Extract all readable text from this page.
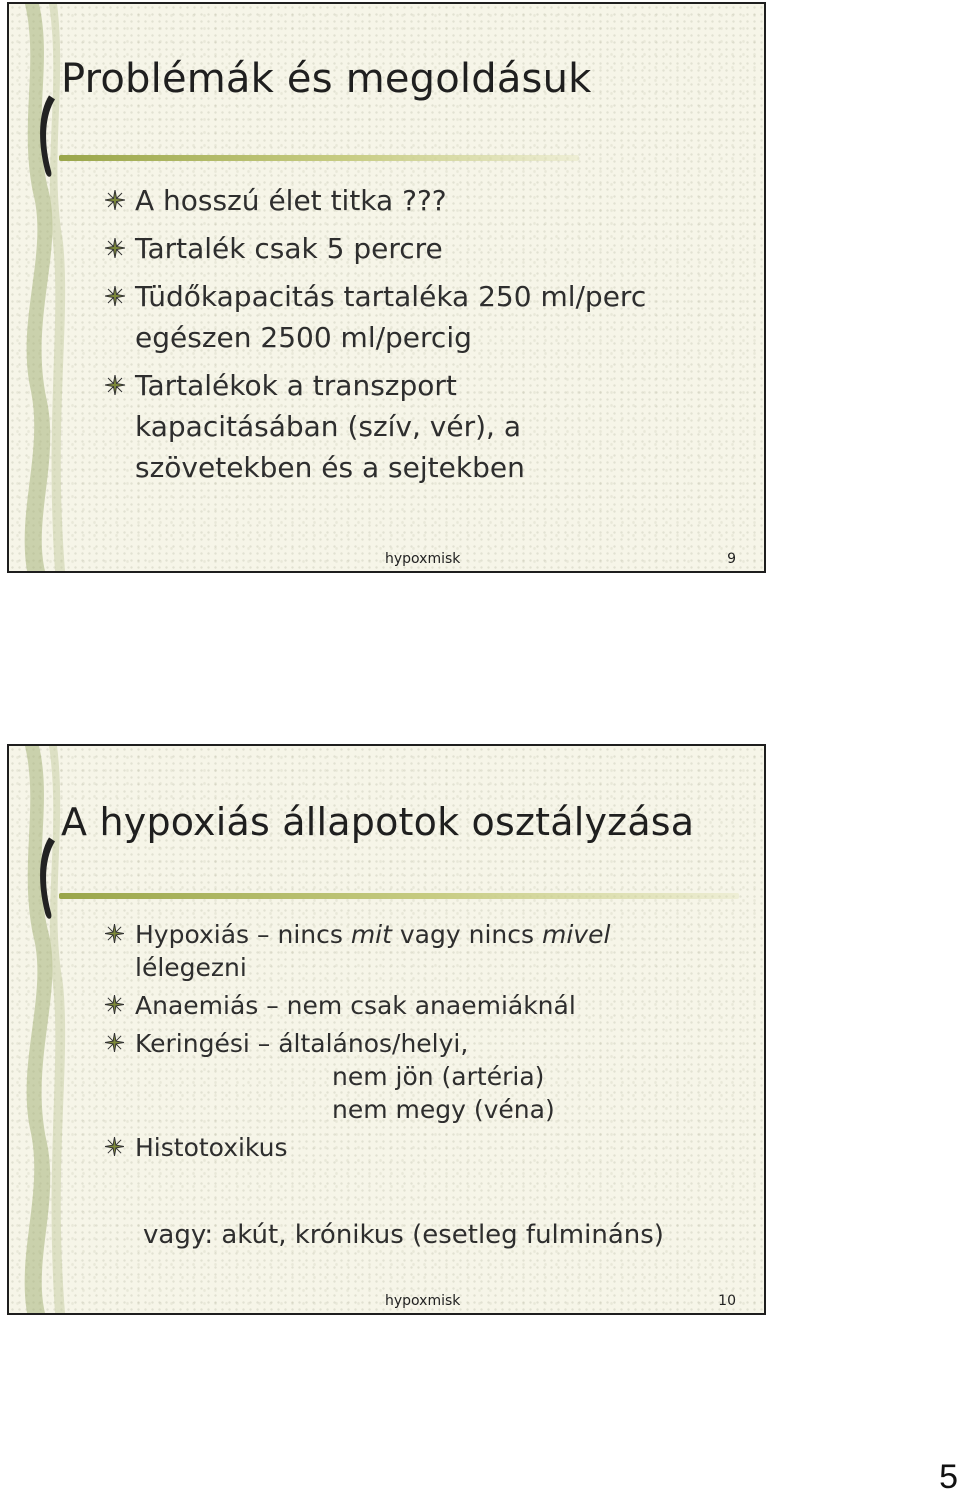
Problémák és megoldásuk
A hosszú élet titka ???
Tartalék csak 5 percre
Tüdőkapacitás tartaléka 250 ml/perc
egészen 2500 ml/percig
Tartalékok a transzport
kapacitásában (szív, vér), a
szövetekben és a sejtekben
hypoxmisk	9
A hypoxiás állapotok osztályzása
Hypoxiás – nincs mit vagy nincs mivel
lélegezni
Anaemiás – nem csak anaemiáknál
Keringési – általános/helyi,
nem jön (artéria)
nem megy (véna)
Histotoxikus
vagy: akút, krónikus (esetleg fulmináns)
hypoxmisk	10
5
